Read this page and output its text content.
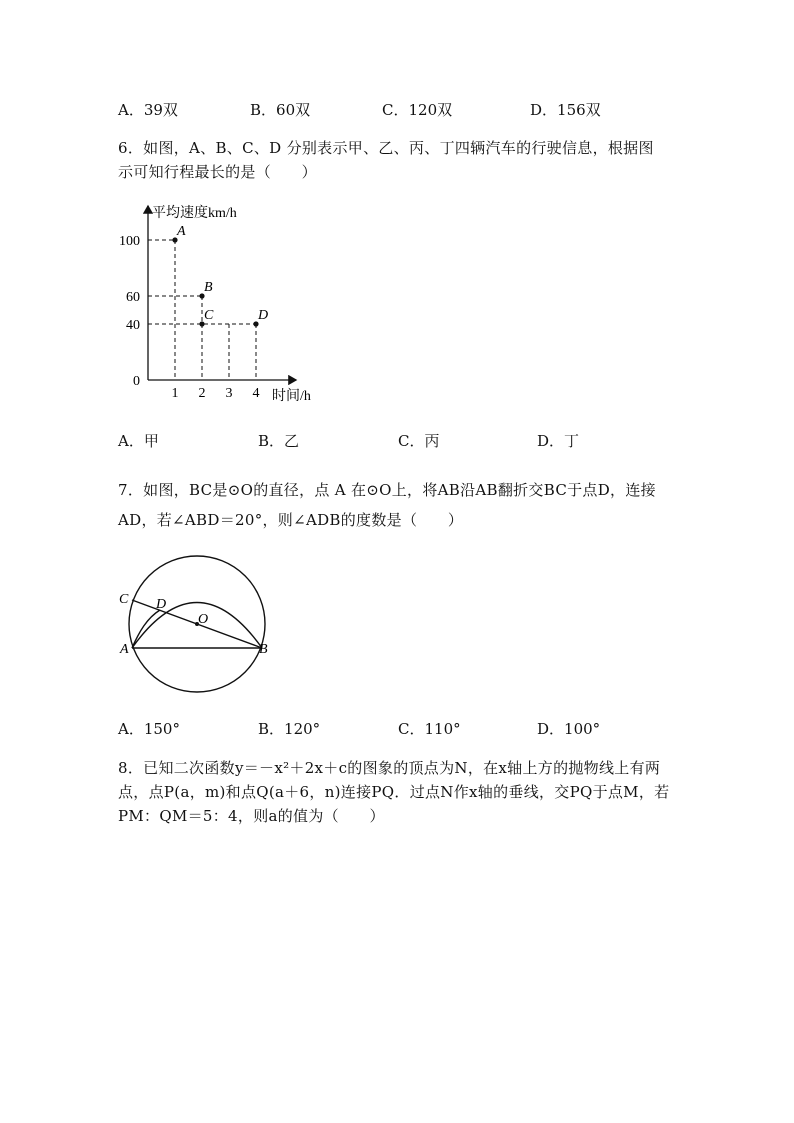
A．39双	B．60双	C．120双	D．156双
6．如图，A、B、C、D 分别表示甲、乙、丙、丁四辆汽车的行驶信息，根据图
示可知行程最长的是（　　）
平均速度km/h
时间/h
0
40
60
100
1 2 3 4
A
B
C	D
A．甲	B．乙	C．丙	D．丁
7．如图，BC是⊙O的直径，点 A 在⊙O上，将AB沿AB翻折交BC于点D，连接
AD，若∠ABD＝20°，则∠ADB的度数是（　　）
C D
O
A	B
A．150°	B．120°	C．110°	D．100°
8．已知二次函数y＝－x²＋2x＋c的图象的顶点为N，在x轴上方的抛物线上有两
点，点P(a，m)和点Q(a＋6，n)连接PQ．过点N作x轴的垂线，交PQ于点M，若
PM：QM＝5：4，则a的值为（　　）
